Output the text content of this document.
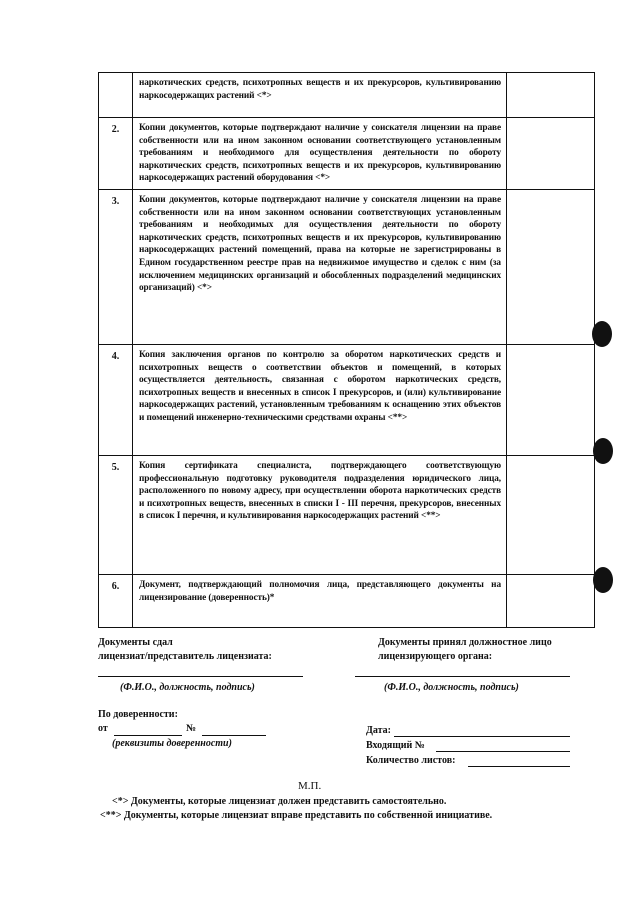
	наркотических средств, психотропных веществ и их прекурсоров, культивированию наркосодержащих растений <*>	

2.	Копии документов, которые подтверждают наличие у соискателя лицензии на праве собственности или на ином законном основании соответствующего установленным требованиям и необходимого для осуществления деятельности по обороту наркотических средств, психотропных веществ и их прекурсоров, культивированию наркосодержащих растений оборудования <*>	

3.	Копии документов, которые подтверждают наличие у соискателя лицензии на праве собственности или на ином законном основании соответствующих установленным требованиям и необходимых для осуществления деятельности по обороту наркотических средств, психотропных веществ и их прекурсоров, культивированию наркосодержащих растений помещений, права на которые не зарегистрированы в Едином государственном реестре прав на недвижимое имущество и сделок с ним (за исключением медицинских организаций и обособленных подразделений медицинских организаций) <*>	

4.	Копия заключения органов по контролю за оборотом наркотических средств и психотропных веществ о соответствии объектов и помещений, в которых осуществляется деятельность, связанная с оборотом наркотических средств, психотропных веществ и внесенных в список I прекурсоров, и (или) культивирование наркосодержащих растений, установленным требованиям к оснащению этих объектов и помещений инженерно-техническими средствами охраны <**>	

5.	Копия сертификата специалиста, подтверждающего соответствующую профессиональную подготовку руководителя подразделения юридического лица, расположенного по новому адресу, при осуществлении оборота наркотических средств и психотропных веществ, внесенных в списки I - III перечня, прекурсоров, внесенных в список I перечня, и культивирования наркосодержащих растений <**>	

6.	Документ, подтверждающий полномочия лица, представляющего документы на лицензирование (доверенность)*	

Документы сдал
лицензиат/представитель лицензиата:
(Ф.И.О., должность, подпись)
Документы принял должностное лицо
лицензирующего органа:
(Ф.И.О., должность, подпись)
По доверенности:
от	№
(реквизиты доверенности)
Дата:
Входящий №
Количество листов:
М.П.
<*> Документы, которые лицензиат должен представить самостоятельно.
<**> Документы, которые лицензиат вправе представить по собственной инициативе.
